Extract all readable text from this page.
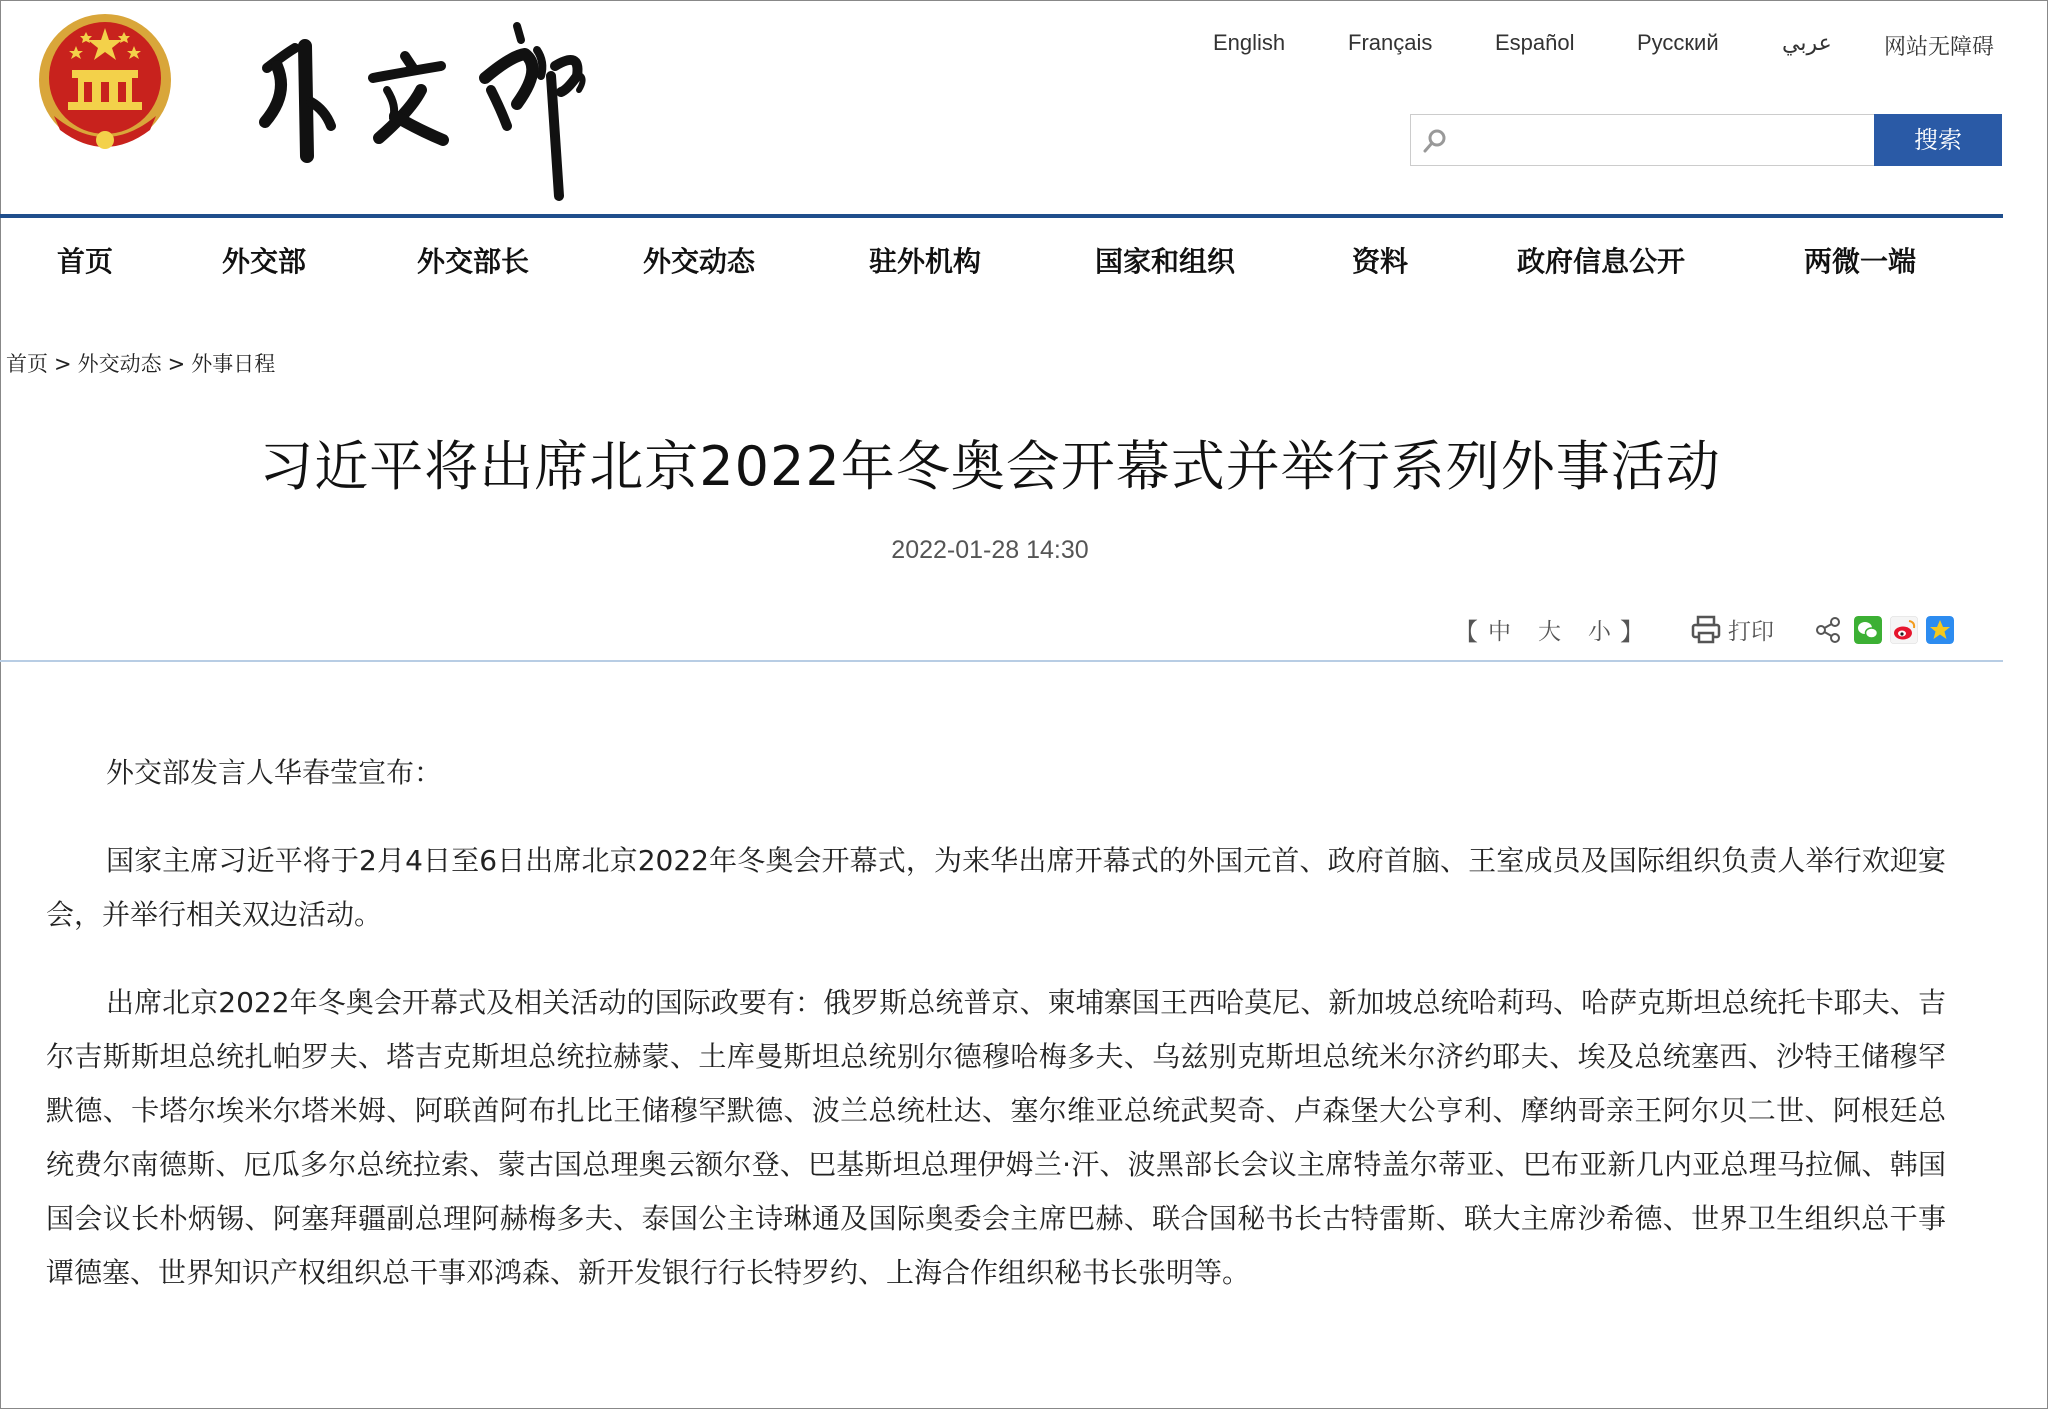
English	Français	Español	Русский	عربي 网站无障碍
搜索
首页	外交部	外交部长	外交动态	驻外机构	国家和组织	资料	政府信息公开	两微一端
首页 > 外交动态 > 外事日程
习近平将出席北京2022年冬奥会开幕式并举行系列外事活动
2022-01-28 14:30
【 中 大 小 】	打印

外交部发言人华春莹宣布：

国家主席习近平将于2月4日至6日出席北京2022年冬奥会开幕式，为来华出席开幕式的外国元首、政府首脑、王室成员及国际组织负责人举行欢迎宴会，并举行相关双边活动。

出席北京2022年冬奥会开幕式及相关活动的国际政要有：俄罗斯总统普京、柬埔寨国王西哈莫尼、新加坡总统哈莉玛、哈萨克斯坦总统托卡耶夫、吉尔吉斯斯坦总统扎帕罗夫、塔吉克斯坦总统拉赫蒙、土库曼斯坦总统别尔德穆哈梅多夫、乌兹别克斯坦总统米尔济约耶夫、埃及总统塞西、沙特王储穆罕默德、卡塔尔埃米尔塔米姆、阿联酋阿布扎比王储穆罕默德、波兰总统杜达、塞尔维亚总统武契奇、卢森堡大公亨利、摩纳哥亲王阿尔贝二世、阿根廷总统费尔南德斯、厄瓜多尔总统拉索、蒙古国总理奥云额尔登、巴基斯坦总理伊姆兰·汗、波黑部长会议主席特盖尔蒂亚、巴布亚新几内亚总理马拉佩、韩国国会议长朴炳锡、阿塞拜疆副总理阿赫梅多夫、泰国公主诗琳通及国际奥委会主席巴赫、联合国秘书长古特雷斯、联大主席沙希德、世界卫生组织总干事谭德塞、世界知识产权组织总干事邓鸿森、新开发银行行长特罗约、上海合作组织秘书长张明等。
